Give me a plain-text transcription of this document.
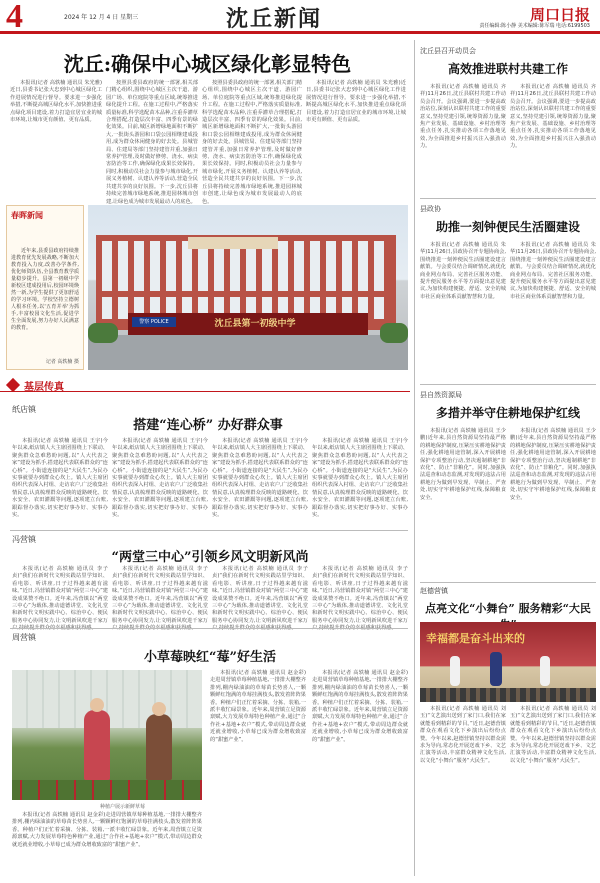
4	2024 年 12 月 4 日 星期三	沈丘新闻	周口日报
责任编辑:陈小静 美术编辑:陈军瑞 电话:6199503
沈丘:确保中心城区绿化彰显特色
本报讯(记者 高轶楠 通讯员 朱光雅)近日,县委书记张大忠到中心城区绿化工作进展情况进行督导。要求进一步强化举措,不断提高城区绿化水平,加快推进重点绿化项目建设,着力打造宜居宜业的城市环境,让城市更有颜值、更有品质。
按照县委县政府的统一部署,相关部门精心组织,围绕中心城区主次干道、游园广场、单位庭院等重点区域,统筹推进绿化提升工程。在施工过程中,严格落实质量标准,科学选配苗木品种,注重乔灌草合理搭配,打造层次丰富、四季有景的绿化效果。目前,城区新增绿地面积不断扩大,一批街头游园和口袋公园相继建成投用,成为群众休闲健身的好去处。县城管局、住建局等部门坚持建管并重,加强日常养护管理,及时做好修剪、浇水、病虫害防治等工作,确保绿化成果长效保持。同时,积极动员社会力量参与城市绿化,开展义务植树、认建认养等活动,营造全民共建共享的良好氛围。下一步,沈丘县将持续完善城市绿地系统,推进园林城市创建,让绿色成为城市发展最动人的底色。
按照县委县政府的统一部署,相关部门精心组织,围绕中心城区主次干道、游园广场、单位庭院等重点区域,统筹推进绿化提升工程。在施工过程中,严格落实质量标准,科学选配苗木品种,注重乔灌草合理搭配,打造层次丰富、四季有景的绿化效果。目前,城区新增绿地面积不断扩大,一批街头游园和口袋公园相继建成投用,成为群众休闲健身的好去处。县城管局、住建局等部门坚持建管并重,加强日常养护管理,及时做好修剪、浇水、病虫害防治等工作,确保绿化成果长效保持。同时,积极动员社会力量参与城市绿化,开展义务植树、认建认养等活动,营造全民共建共享的良好氛围。下一步,沈丘县将持续完善城市绿地系统,推进园林城市创建,让绿色成为城市发展最动人的底色。
本报讯(记者 高轶楠 通讯员 朱光雅)近日,县委书记张大忠到中心城区绿化工作进展情况进行督导。要求进一步强化举措,不断提高城区绿化水平,加快推进重点绿化项目建设,着力打造宜居宜业的城市环境,让城市更有颜值、更有品质。
春晖新闻
近年来,县委县政府持续推进教育优先发展战略,不断加大教育投入力度,改善办学条件,优化师资队伍,全县教育教学质量稳步提升。县第一初级中学新校区建成投用后,校园环境焕然一新,为学生提供了更加舒适的学习环境。学校坚持立德树人根本任务,以'五育并举'为抓手,丰富校园文化生活,促进学生全面发展,努力办好人民满意的教育。
记者 高轶楠 摄

沈丘县第一初级中学
警察 POLICE
基层传真
纸店镇
搭建“连心桥” 办好群众事
本报讯(记者 高轶楠 通讯员 王宇)今年以来,纸店镇人大主席团围绕上下联动、聚焦群众急难愁盼问题,以“人大代表之家”建设为抓手,搭建起代表联系群众的“连心桥”。小街道连接的是“大民生”,为民办实事就要办到群众心坎上。镇人大主席团组织代表深入村组、走访农户,广泛收集社情民意,认真梳理群众反映的道路硬化、饮水安全、农田灌溉等问题,逐项建立台账,跟踪督办落实,切实把好事办好、实事办实。
本报讯(记者 高轶楠 通讯员 王宇)今年以来,纸店镇人大主席团围绕上下联动、聚焦群众急难愁盼问题,以“人大代表之家”建设为抓手,搭建起代表联系群众的“连心桥”。小街道连接的是“大民生”,为民办实事就要办到群众心坎上。镇人大主席团组织代表深入村组、走访农户,广泛收集社情民意,认真梳理群众反映的道路硬化、饮水安全、农田灌溉等问题,逐项建立台账,跟踪督办落实,切实把好事办好、实事办实。
本报讯(记者 高轶楠 通讯员 王宇)今年以来,纸店镇人大主席团围绕上下联动、聚焦群众急难愁盼问题,以“人大代表之家”建设为抓手,搭建起代表联系群众的“连心桥”。小街道连接的是“大民生”,为民办实事就要办到群众心坎上。镇人大主席团组织代表深入村组、走访农户,广泛收集社情民意,认真梳理群众反映的道路硬化、饮水安全、农田灌溉等问题,逐项建立台账,跟踪督办落实,切实把好事办好、实事办实。
本报讯(记者 高轶楠 通讯员 王宇)今年以来,纸店镇人大主席团围绕上下联动、聚焦群众急难愁盼问题,以“人大代表之家”建设为抓手,搭建起代表联系群众的“连心桥”。小街道连接的是“大民生”,为民办实事就要办到群众心坎上。镇人大主席团组织代表深入村组、走访农户,广泛收集社情民意,认真梳理群众反映的道路硬化、饮水安全、农田灌溉等问题,逐项建立台账,跟踪督办落实,切实把好事办好、实事办实。
冯营镇
“两堂三中心”引领乡风文明新风尚
本报讯(记者 高轶楠 通讯员 李子贞)“我们在新时代文明实践站里学知识、看电影、听讲座,日子过得越来越有滋味。”近日,冯营镇群众对镇“两堂三中心”建设成果赞不绝口。近年来,冯营镇以“两堂三中心”为载体,推动道德讲堂、文化礼堂和新时代文明实践中心、综治中心、便民服务中心协同发力,让文明新风吹进千家万
本报讯(记者 高轶楠 通讯员 李子贞)“我们在新时代文明实践站里学知识、看电影、听讲座,日子过得越来越有滋味。”近日,冯营镇群众对镇“两堂三中心”建设成果赞不绝口。近年来,冯营镇以“两堂三中心”为载体,推动道德讲堂、文化礼堂和新时代文明实践中心、综治中心、便民服务中心协同发力,让文明新风吹进千家万
本报讯(记者 高轶楠 通讯员 李子贞)“我们在新时代文明实践站里学知识、看电影、听讲座,日子过得越来越有滋味。”近日,冯营镇群众对镇“两堂三中心”建设成果赞不绝口。近年来,冯营镇以“两堂三中心”为载体,推动道德讲堂、文化礼堂和新时代文明实践中心、综治中心、便民服务中心协同发力,让文明新风吹进千家万
本报讯(记者 高轶楠 通讯员 李子贞)“我们在新时代文明实践站里学知识、看电影、听讲座,日子过得越来越有滋味。”近日,冯营镇群众对镇“两堂三中心”建设成果赞不绝口。近年来,冯营镇以“两堂三中心”为载体,推动道德讲堂、文化礼堂和新时代文明实践中心、综治中心、便民服务中心协同发力,让文明新风吹进千家万
周营镇
小草莓映红“莓”好生活
种植户展示新鲜草莓
本报讯(记者 高轶楠 通讯员 赵金彩)走进周营镇草莓种植基地,一排排大棚整齐排列,棚内绿油油的草莓苗长势喜人,一颗颗鲜红饱满的草莓挂满枝头,散发着阵阵果香。种植户们正忙着采摘、分拣、装箱,一派丰收忙碌景象。近年来,周营镇立足资源禀赋,大力发展草莓特色种植产业,通过“合作社+基地+农户”模式,带动周边群众就近就业增收,小草莓已成为群众增收致富的“甜蜜产业”。
本报讯(记者 高轶楠 通讯员 赵金彩)走进周营镇草莓种植基地,一排排大棚整齐排列,棚内绿油油的草莓苗长势喜人,一颗颗鲜红饱满的草莓挂满枝头,散发着阵阵果香。种植户们正忙着采摘、分拣、装箱,一派丰收忙碌景象。近年来,周营镇立足资源禀赋,大力发展草莓特色种植产业,通过“合作社+基地+农户”模式,带动周边群众就近就业增收,小草莓已成为群众增收致富的“甜蜜产业”。
本报讯(记者 高轶楠 通讯员 赵金彩)走进周营镇草莓种植基地,一排排大棚整齐排列,棚内绿油油的草莓苗长势喜人,一颗颗鲜红饱满的草莓挂满枝头,散发着阵阵果香。种植户们正忙着采摘、分拣、装箱,一派丰收忙碌景象。近年来,周营镇立足资源禀赋,大力发展草莓特色种植产业,通过“合作社+基地+农户”模式,带动周边群众就近就业增收,小草莓已成为群众增收致富的“甜蜜产业”。
沈丘县召开动员会
高效推进联村共建工作
本报讯(记者 高轶楠 通讯员 齐祥)11月26日,沈丘县联村共建工作动员会召开。会议强调,要进一步提高政治站位,深刻认识联村共建工作的重要意义,坚持党建引领,统筹资源力量,聚焦产业发展、基础设施、乡村治理等重点任务,扎实推动各项工作落地见效,为全面推进乡村振兴注入强劲动力。
本报讯(记者 高轶楠 通讯员 齐祥)11月26日,沈丘县联村共建工作动员会召开。会议强调,要进一步提高政治站位,深刻认识联村共建工作的重要意义,坚持党建引领,统筹资源力量,聚焦产业发展、基础设施、乡村治理等重点任务,扎实推动各项工作落地见效,为全面推进乡村振兴注入强劲动力。
县政协
助推一刻钟便民生活圈建设
本报讯(记者 高轶楠 通讯员 朱华)11月26日,县政协召开专题协商会,围绕推进一刻钟便民生活圈建设建言献策。与会委员结合调研情况,就优化商业网点布局、完善社区服务功能、提升便民服务水平等方面提出意见建议,为加快构建便捷、舒适、安全的城市社区商业体系贡献智慧和力量。
本报讯(记者 高轶楠 通讯员 朱华)11月26日,县政协召开专题协商会,围绕推进一刻钟便民生活圈建设建言献策。与会委员结合调研情况,就优化商业网点布局、完善社区服务功能、提升便民服务水平等方面提出意见建议,为加快构建便捷、舒适、安全的城市社区商业体系贡献智慧和力量。
县自然资源局
多措并举守住耕地保护红线
本报讯(记者 高轶楠 通讯员 王少鹏)近年来,县自然资源局坚持最严格的耕地保护制度,压紧压实耕地保护责任,强化耕地用途管制,深入开展耕地保护专项整治行动,坚决遏制耕地“非农化”、防止“非粮化”。同时,加强执法巡查和动态监测,对发现的违法占用耕地行为做到早发现、早制止、严查处,切实守牢耕地保护红线,保障粮食安全。
本报讯(记者 高轶楠 通讯员 王少鹏)近年来,县自然资源局坚持最严格的耕地保护制度,压紧压实耕地保护责任,强化耕地用途管制,深入开展耕地保护专项整治行动,坚决遏制耕地“非农化”、防止“非粮化”。同时,加强执法巡查和动态监测,对发现的违法占用耕地行为做到早发现、早制止、严查处,切实守牢耕地保护红线,保障粮食安全。
赵德营镇
点亮文化“小舞台” 服务精彩“大民
幸福都是奋斗出来的
本报讯(记者 高轶楠 通讯员 刘玉)“文艺演出送到了家门口,我们在家就能看到精彩的节目。”近日,赵德营镇群众在观看文化下乡演出后纷纷点赞。今年以来,赵德营镇坚持以群众需求为导向,常态化开展送戏下乡、文艺汇演等活动,丰富群众精神文化生活,以文化“小舞台”服务“大民生”。
本报讯(记者 高轶楠 通讯员 刘玉)“文艺演出送到了家门口,我们在家就能看到精彩的节目。”近日,赵德营镇群众在观看文化下乡演出后纷纷点赞。今年以来,赵德营镇坚持以群众需求为导向,常态化开展送戏下乡、文艺汇演等活动,丰富群众精神文化生活,以文化“小舞台”服务“大民生”。
